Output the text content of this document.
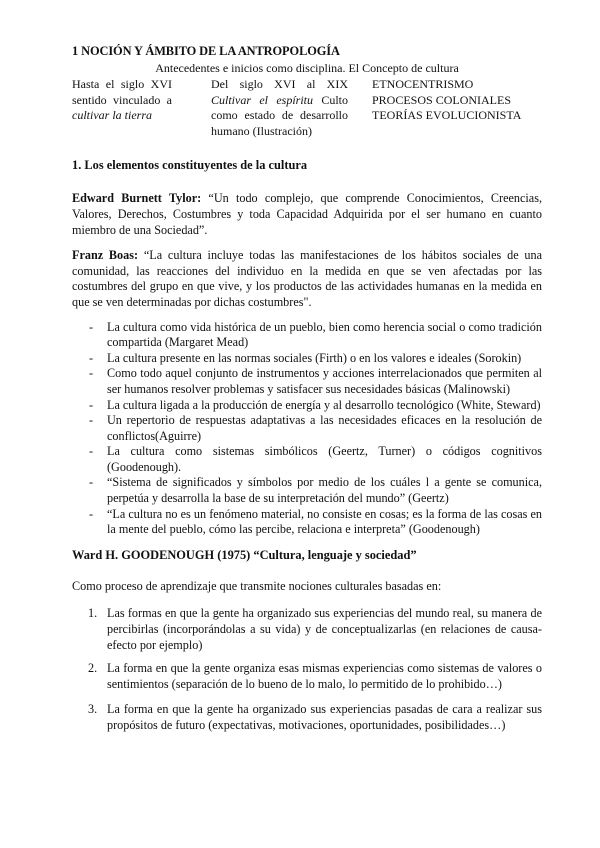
1 NOCIÓN Y ÁMBITO DE LA ANTROPOLOGÍA

Antecedentes e inicios como disciplina. El Concepto de cultura

Hasta el siglo XVI sentido vinculado a cultivar la tierra
Del siglo XVI al XIX Cultivar el espíritu Culto como estado de desarrollo humano (Ilustración)
ETNOCENTRISMO
PROCESOS COLONIALES
TEORÍAS EVOLUCIONISTA

1. Los elementos constituyentes de la cultura

Edward Burnett Tylor: “Un todo complejo, que comprende Conocimientos, Creencias, Valores, Derechos, Costumbres y toda Capacidad Adquirida por el ser humano en cuanto miembro de una Sociedad”.

Franz Boas: “La cultura incluye todas las manifestaciones de los hábitos sociales de una comunidad, las reacciones del individuo en la medida en que se ven afectadas por las costumbres del grupo en que vive, y los productos de las actividades humanas en la medida en que se ven determinadas por dichas costumbres".

- La cultura como vida histórica de un pueblo, bien como herencia social o como tradición compartida (Margaret Mead)
- La cultura presente en las normas sociales (Firth) o en los valores e ideales (Sorokin)
- Como todo aquel conjunto de instrumentos y acciones interrelacionados que permiten al ser humanos resolver problemas y satisfacer sus necesidades básicas (Malinowski)
- La cultura ligada a la producción de energía y al desarrollo tecnológico (White, Steward)
- Un repertorio de respuestas adaptativas a las necesidades eficaces en la resolución de conflictos(Aguirre)
- La cultura como sistemas simbólicos (Geertz, Turner) o códigos cognitivos (Goodenough).
- “Sistema de significados y símbolos por medio de los cuáles l a gente se comunica, perpetúa y desarrolla la base de su interpretación del mundo” (Geertz)
- “La cultura no es un fenómeno material, no consiste en cosas; es la forma de las cosas en la mente del pueblo, cómo las percibe, relaciona e interpreta” (Goodenough)

Ward H. GOODENOUGH (1975) “Cultura, lenguaje y sociedad”

Como proceso de aprendizaje que transmite nociones culturales basadas en:

1. Las formas en que la gente ha organizado sus experiencias del mundo real, su manera de percibirlas (incorporándolas a su vida) y de conceptualizarlas (en relaciones de causa-efecto por ejemplo)
2. La forma en que la gente organiza esas mismas experiencias como sistemas de valores o sentimientos (separación de lo bueno de lo malo, lo permitido de lo prohibido…)
3. La forma en que la gente ha organizado sus experiencias pasadas de cara a realizar sus propósitos de futuro (expectativas, motivaciones, oportunidades, posibilidades…)
